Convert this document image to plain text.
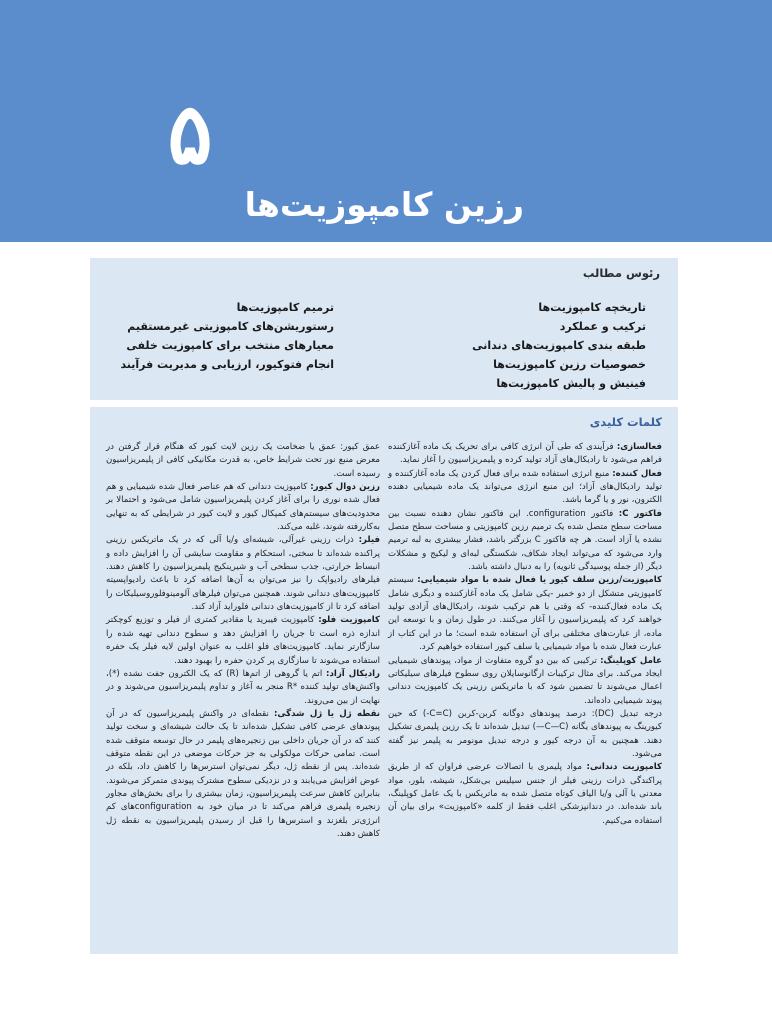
۵
رزین کامپوزیت‌ها
رئوس مطالب
تاریخچه کامپوزیت‌ها
ترکیب و عملکرد
طبقه بندی کامپوزیت‌های دندانی
خصوصیات رزین کامپوزیت‌ها
فینیش و پالیش کامپوزیت‌ها
ترمیم کامپوزیت‌ها
رستوریشن‌های کامپوزیتی غیرمستقیم
معیارهای منتخب برای کامپوزیت خلفی
انجام فتوکیور، ارزیابی و مدیریت فرآیند
کلمات کلیدی

فعالسازی: فرآیندی که طی آن انرژی کافی برای تحریک یک ماده آغازکننده فراهم می‌شود تا رادیکال‌های آزاد تولید کرده و پلیمریزاسیون را آغاز نماید.

فعال کننده: منبع انرژی استفاده شده برای فعال کردن یک ماده آغازکننده و تولید رادیکال‌های آزاد؛ این منبع انرژی می‌تواند یک ماده شیمیایی دهنده الکترون، نور و یا گرما باشد.

فاکتور C: فاکتور configuration. این فاکتور نشان دهنده نسبت بین مساحت سطح متصل شده یک ترمیم رزین کامپوزیتی و مساحت سطح متصل نشده یا آزاد است. هر چه فاکتور C بزرگتر باشد، فشار بیشتری به لبه ترمیم وارد می‌شود که می‌تواند ایجاد شکاف، شکستگی لبه‌ای و لیکیج و مشکلات دیگر (از جمله پوسیدگی ثانویه) را به دنبال داشته باشد.

کامپوزیت/رزین سلف کیور یا فعال شده با مواد شیمیایی: سیستم کامپوزیتی متشکل از دو خمیر -یکی شامل یک ماده آغازکننده و دیگری شامل یک ماده فعال‌کننده- که وقتی با هم ترکیب شوند، رادیکال‌های آزادی تولید خواهند کرد که پلیمریزاسیون را آغاز می‌کنند. در طول زمان و با توسعه این ماده، از عبارت‌های مختلفی برای آن استفاده شده است؛ ما در این کتاب از عبارت فعال شده با مواد شیمیایی یا سلف کیور استفاده خواهیم کرد.

عامل کوپلینگ: ترکیبی که بین دو گروه متفاوت از مواد، پیوندهای شیمیایی ایجاد می‌کند. برای مثال ترکیبات ارگانوسایلان روی سطوح فیلرهای سیلیکاتی اعمال می‌شوند تا تضمین شود که با ماتریکس رزینی یک کامپوزیت دندانی پیوند شیمیایی داده‌اند.

درجه تبدیل (DC): درصد پیوندهای دوگانه کربن-کربن (C=C-) که حین کیورینگ به پیوندهای یگانه (C—C—) تبدیل شده‌اند تا یک رزین پلیمری تشکیل دهند. همچنین به آن درجه کیور و درجه تبدیل مونومر به پلیمر نیز گفته می‌شود.

کامپوزیت دندانی: مواد پلیمری با اتصالات عرضی فراوان که از طریق پراکندگی ذرات رزینی فیلر از جنس سیلیس بی‌شکل، شیشه، بلور، مواد معدنی یا آلی و/یا الیاف کوتاه متصل شده به ماتریکس با یک عامل کوپلینگ، باند شده‌اند. در دندانپزشکی اغلب فقط از کلمه «کامپوزیت» برای بیان آن استفاده می‌کنیم.

عمق کیور: عمق یا ضخامت یک رزین لایت کیور که هنگام قرار گرفتن در معرض منبع نور تحت شرایط خاص، به قدرت مکانیکی کافی از پلیمریزاسیون رسیده است.

رزین دوال کیور: کامپوزیت دندانی که هم عناصر فعال شده شیمیایی و هم فعال شده نوری را برای آغاز کردن پلیمریزاسیون شامل می‌شود و احتمالا بر محدودیت‌های سیستم‌های کمپکال کیور و لایت کیور در شرایطی که به تنهایی به‌کاررفته شوند، غلبه می‌کند.

فیلر: ذرات رزینی غیرآلی، شیشه‌ای و/یا آلی که در یک ماتریکس رزینی پراکنده شده‌اند تا سختی، استحکام و مقاومت سایشی آن را افزایش داده و انبساط حرارتی، جذب سطحی آب و شیرینکیج پلیمریزاسیون را کاهش دهند. فیلرهای رادیواپک را نیز می‌توان به آن‌ها اضافه کرد تا باعث رادیواپسیته کامپوزیت‌های دندانی شوند. همچنین می‌توان فیلرهای آلومینوفلوروسیلیکات را اضافه کرد تا از کامپوزیت‌های دندانی فلوراید آزاد کند.

کامپوزیت فلو: کامپوزیت فیبرید یا مقادیر کمتری از فیلر و توزیع کوچکتر اندازه ذره است تا جریان را افزایش دهد و سطوح دندانی تهیه شده را سازگارتر نماید. کامپوزیت‌های فلو اغلب به عنوان اولین لایه فیلر یک حفره استفاده می‌شوند تا سازگاری پر کردن حفره را بهبود دهند.

رادیکال آزاد: اتم یا گروهی از اتم‌ها (R) که یک الکترون جفت نشده (*)، واکنش‌های تولید کننده *R منجر به آغاز و تداوم پلیمریزاسیون می‌شوند و در نهایت از بین می‌روند.

نقطه ژل یا ژل شدگی: نقطه‌ای در واکنش پلیمریزاسیون که در آن پیوندهای عرضی کافی تشکیل شده‌اند تا یک حالت شیشه‌ای و سخت تولید کنند که در آن جریان داخلی بین زنجیره‌های پلیمر در حال توسعه متوقف شده است. تمامی حرکات مولکولی به جز حرکات موضعی در این نقطه متوقف شده‌اند. پس از نقطه ژل، دیگر نمی‌توان استرس‌ها را کاهش داد، بلکه در عوض افزایش می‌یابند و در نزدیکی سطوح مشترک پیوندی متمرکز می‌شوند. بنابراین کاهش سرعت پلیمریزاسیون، زمان بیشتری را برای بخش‌های مجاور زنجیره پلیمری فراهم می‌کند تا در میان خود به configurationهای کم انرژی‌تر بلغزند و استرس‌ها را قبل از رسیدن پلیمریزاسیون به نقطه ژل کاهش دهند.
